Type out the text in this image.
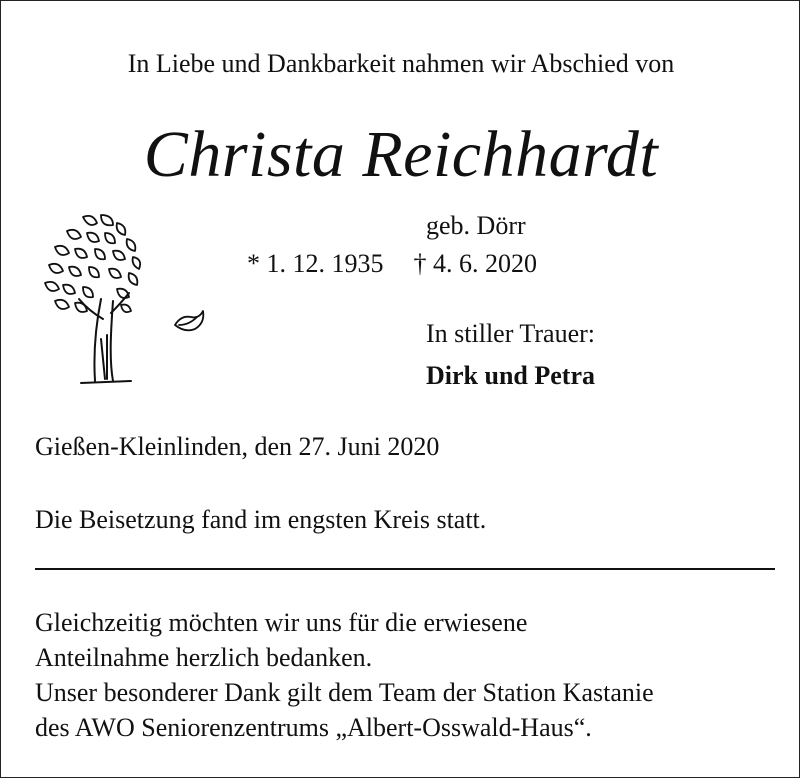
In Liebe und Dankbarkeit nahmen wir Abschied von
Christa Reichhardt
geb. Dörr
* 1. 12. 1935 † 4. 6. 2020
In stiller Trauer:
Dirk und Petra
Gießen-Kleinlinden, den 27. Juni 2020
Die Beisetzung fand im engsten Kreis statt.
Gleichzeitig möchten wir uns für die erwiesene
Anteilnahme herzlich bedanken.
Unser besonderer Dank gilt dem Team der Station Kastanie
des AWO Seniorenzentrums „Albert-Osswald-Haus“.
